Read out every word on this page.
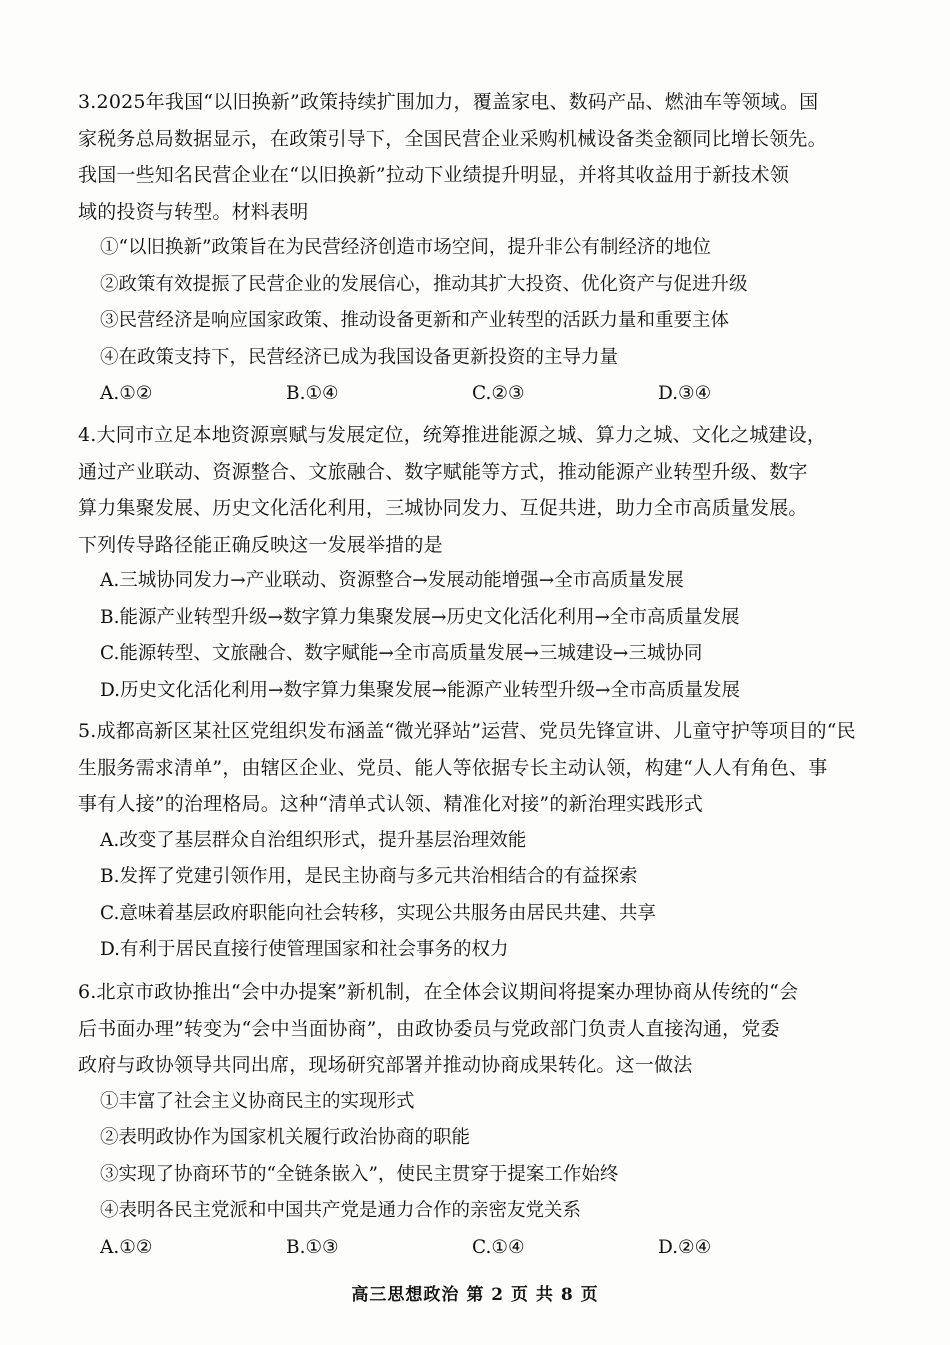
3.2025年我国“以旧换新”政策持续扩围加力，覆盖家电、数码产品、燃油车等领域。国
家税务总局数据显示，在政策引导下，全国民营企业采购机械设备类金额同比增长领先。
我国一些知名民营企业在“以旧换新”拉动下业绩提升明显，并将其收益用于新技术领
域的投资与转型。材料表明
①“以旧换新”政策旨在为民营经济创造市场空间，提升非公有制经济的地位
②政策有效提振了民营企业的发展信心，推动其扩大投资、优化资产与促进升级
③民营经济是响应国家政策、推动设备更新和产业转型的活跃力量和重要主体
④在政策支持下，民营经济已成为我国设备更新投资的主导力量
A.①②	B.①④	C.②③	D.③④
4.大同市立足本地资源禀赋与发展定位，统筹推进能源之城、算力之城、文化之城建设，
通过产业联动、资源整合、文旅融合、数字赋能等方式，推动能源产业转型升级、数字
算力集聚发展、历史文化活化利用，三城协同发力、互促共进，助力全市高质量发展。
下列传导路径能正确反映这一发展举措的是
A.三城协同发力→产业联动、资源整合→发展动能增强→全市高质量发展
B.能源产业转型升级→数字算力集聚发展→历史文化活化利用→全市高质量发展
C.能源转型、文旅融合、数字赋能→全市高质量发展→三城建设→三城协同
D.历史文化活化利用→数字算力集聚发展→能源产业转型升级→全市高质量发展
5.成都高新区某社区党组织发布涵盖“微光驿站”运营、党员先锋宣讲、儿童守护等项目的“民
生服务需求清单”，由辖区企业、党员、能人等依据专长主动认领，构建“人人有角色、事
事有人接”的治理格局。这种“清单式认领、精准化对接”的新治理实践形式
A.改变了基层群众自治组织形式，提升基层治理效能
B.发挥了党建引领作用，是民主协商与多元共治相结合的有益探索
C.意味着基层政府职能向社会转移，实现公共服务由居民共建、共享
D.有利于居民直接行使管理国家和社会事务的权力
6.北京市政协推出“会中办提案”新机制，在全体会议期间将提案办理协商从传统的“会
后书面办理”转变为“会中当面协商”，由政协委员与党政部门负责人直接沟通，党委
政府与政协领导共同出席，现场研究部署并推动协商成果转化。这一做法
①丰富了社会主义协商民主的实现形式
②表明政协作为国家机关履行政治协商的职能
③实现了协商环节的“全链条嵌入”，使民主贯穿于提案工作始终
④表明各民主党派和中国共产党是通力合作的亲密友党关系
A.①②	B.①③	C.①④	D.②④
高三思想政治 第 2 页 共 8 页
